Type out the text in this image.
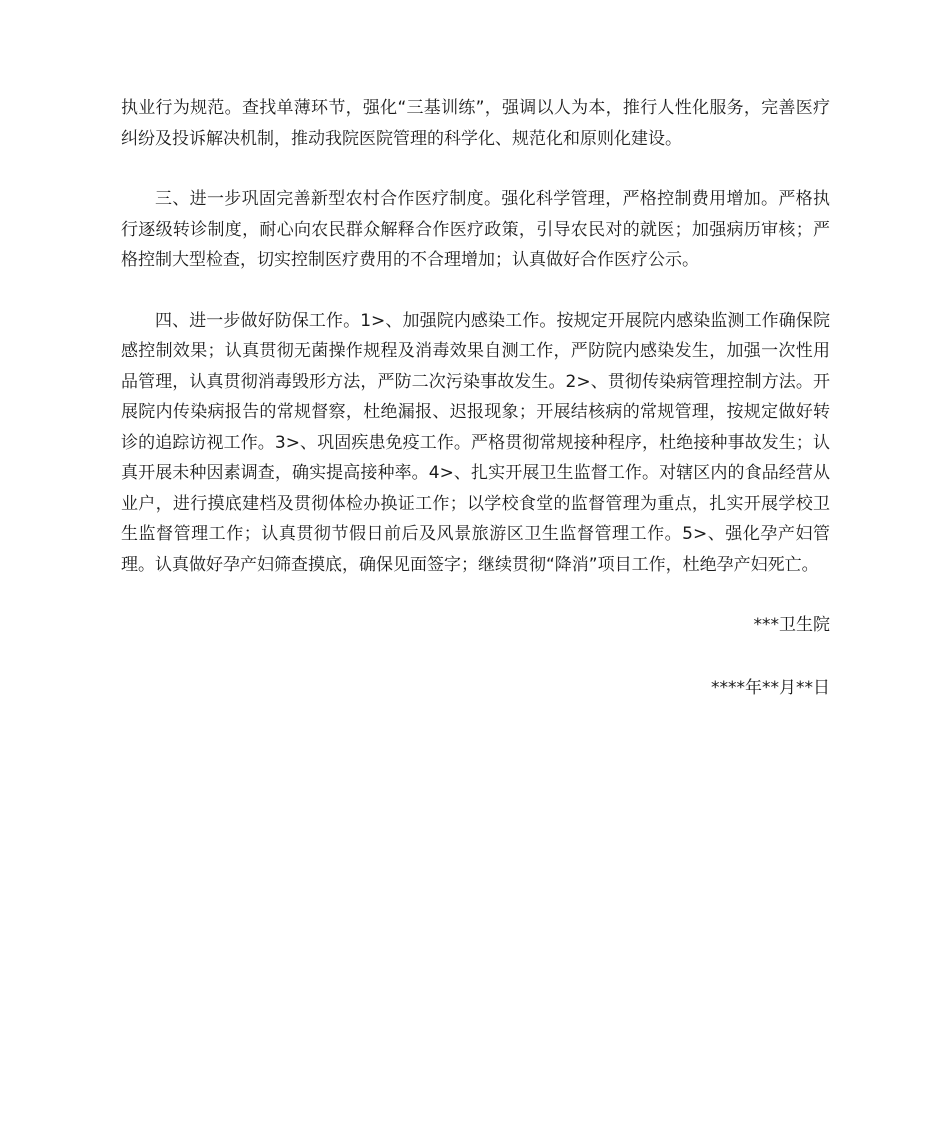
执业行为规范。查找单薄环节，强化“三基训练”，强调以人为本，推行人性化服务，完善医疗纠纷及投诉解决机制，推动我院医院管理的科学化、规范化和原则化建设。

三、进一步巩固完善新型农村合作医疗制度。强化科学管理，严格控制费用增加。严格执行逐级转诊制度，耐心向农民群众解释合作医疗政策，引导农民对的就医；加强病历审核；严格控制大型检查，切实控制医疗费用的不合理增加；认真做好合作医疗公示。

四、进一步做好防保工作。1>、加强院内感染工作。按规定开展院内感染监测工作确保院感控制效果；认真贯彻无菌操作规程及消毒效果自测工作，严防院内感染发生，加强一次性用品管理，认真贯彻消毒毁形方法，严防二次污染事故发生。2>、贯彻传染病管理控制方法。开展院内传染病报告的常规督察，杜绝漏报、迟报现象；开展结核病的常规管理，按规定做好转诊的追踪访视工作。3>、巩固疾患免疫工作。严格贯彻常规接种程序，杜绝接种事故发生；认真开展未种因素调查，确实提高接种率。4>、扎实开展卫生监督工作。对辖区内的食品经营从业户，进行摸底建档及贯彻体检办换证工作；以学校食堂的监督管理为重点，扎实开展学校卫生监督管理工作；认真贯彻节假日前后及风景旅游区卫生监督管理工作。5>、强化孕产妇管理。认真做好孕产妇筛查摸底，确保见面签字；继续贯彻“降消”项目工作，杜绝孕产妇死亡。

***卫生院

****年**月**日
